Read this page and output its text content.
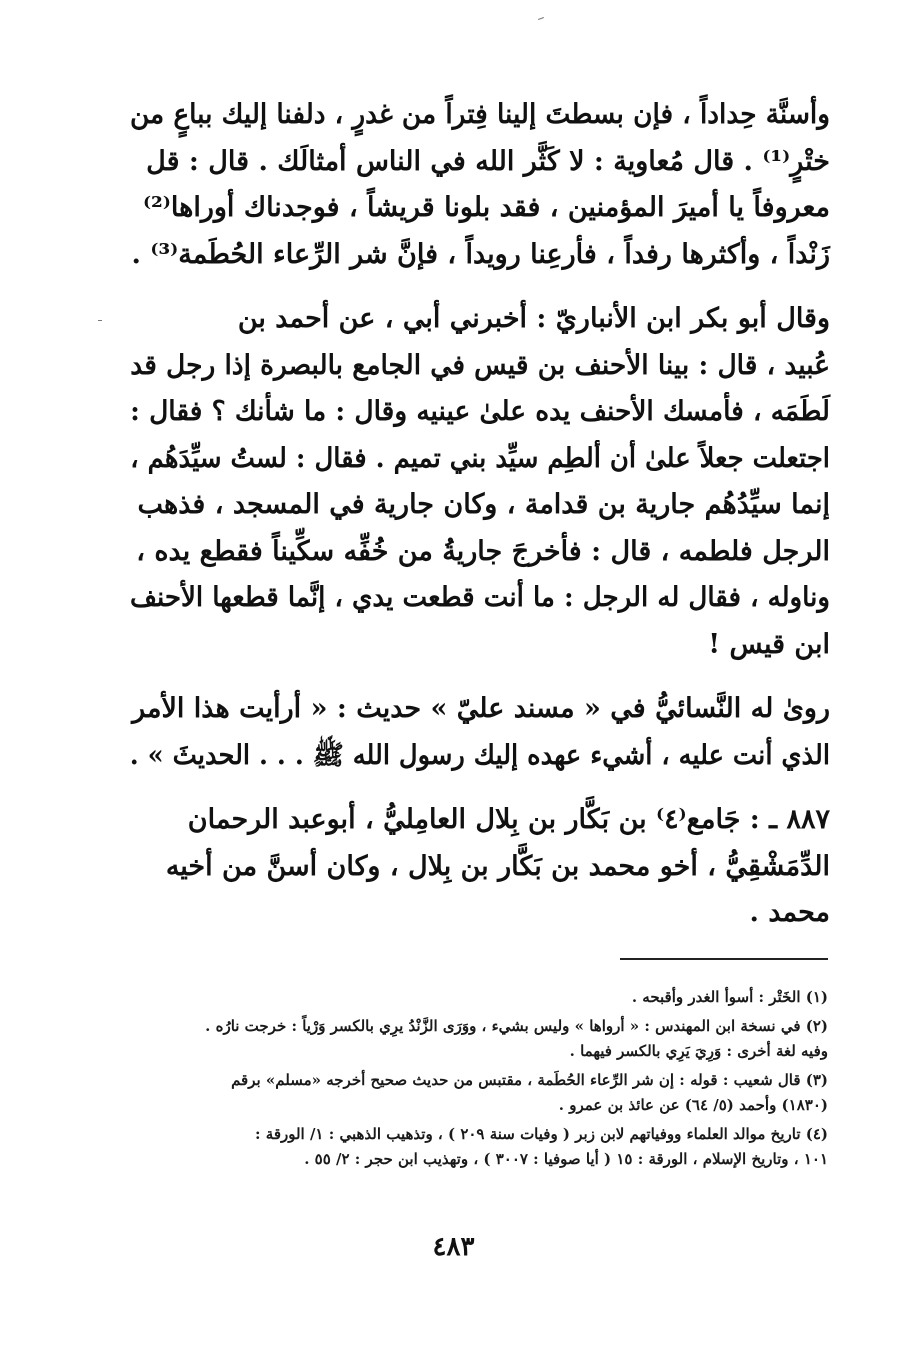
وأسنَّة حِداداً ، فإن بسطتَ إلينا فِتراً من غدرٍ ، دلفنا إليك بباعٍ من
ختْرٍ⁽¹⁾ . قال مُعاوية : لا كَثَّر الله في الناس أمثالَك . قال : قل
معروفاً يا أميرَ المؤمنين ، فقد بلونا قريشاً ، فوجدناك أوراها⁽²⁾
زَنْداً ، وأكثرها رفداً ، فأرعِنا رويداً ، فإنَّ شر الرِّعاء الحُطَمة⁽³⁾ .

وقال أبو بكر ابن الأنباريّ : أخبرني أبي ، عن أحمد بن
عُبيد ، قال : بينا الأحنف بن قيس في الجامع بالبصرة إذا رجل قد
لَطَمَه ، فأمسك الأحنف يده علىٰ عينيه وقال : ما شأنك ؟ فقال :
اجتعلت جعلاً علىٰ أن ألطِم سيِّد بني تميم . فقال : لستُ سيِّدَهُم ،
إنما سيِّدُهُم جارية بن قدامة ، وكان جارية في المسجد ، فذهب
الرجل فلطمه ، قال : فأخرجَ جاريةُ من خُفِّه سكِّيناً فقطع يده ،
وناوله ، فقال له الرجل : ما أنت قطعت يدي ، إنَّما قطعها الأحنف
ابن قيس !

روىٰ له النَّسائيُّ في « مسند عليّ » حديث : « أرأيت هذا الأمر
الذي أنت عليه ، أشيء عهده إليك رسول الله ﷺ . . . الحديثَ » .

٨٨٧ ـ : جَامع⁽٤⁾ بن بَكَّار بن بِلال العامِليُّ ، أبوعبد الرحمان
الدِّمَشْقِيُّ ، أخو محمد بن بَكَّار بن بِلال ، وكان أسنَّ من أخيه
محمد .

(١) الخَتْر : أسوأ الغدر وأقبحه .
(٢) في نسخة ابن المهندس : « أرواها » وليس بشيء ، ووَرَى الزَّنْدُ يرِي بالكسر وَرْياً : خرجت نارُه .
وفيه لغة أخرى : وَرِيَ يَرِي بالكسر فيهما .
(٣) قال شعيب : قوله : إن شر الرِّعاء الحُطَمة ، مقتبس من حديث صحيح أخرجه «مسلم» برقم
(١٨٣٠) وأحمد (٥/ ٦٤) عن عائذ بن عمرو .
(٤) تاريخ موالد العلماء ووفياتهم لابن زبر ( وفيات سنة ٢٠٩ ) ، وتذهيب الذهبي : ١/ الورقة :
١٠١ ، وتاريخ الإسلام ، الورقة : ١٥ ( أيا صوفيا : ٣٠٠٧ ) ، وتهذيب ابن حجر : ٢/ ٥٥ .
٤٨٣
